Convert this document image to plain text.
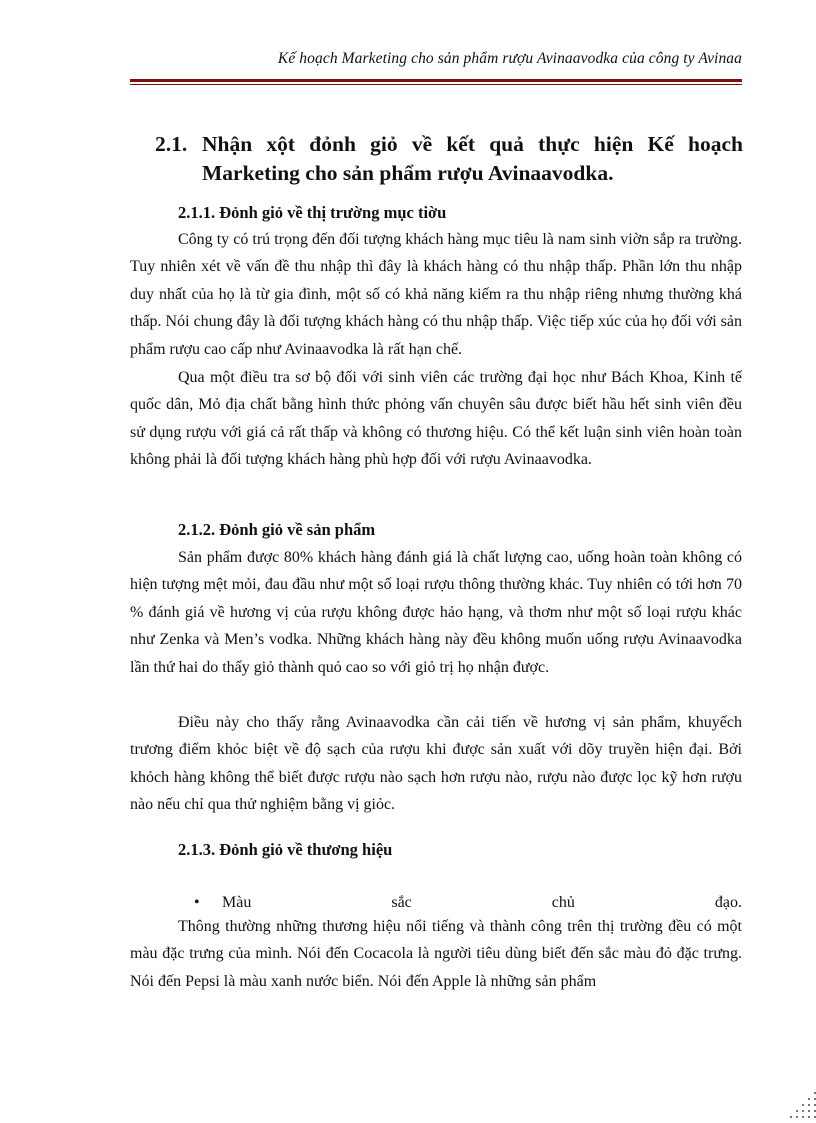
Kế hoạch Marketing cho sản phẩm rượu Avinaavodka của công ty Avinaa
2.1. Nhận xột đỏnh giỏ về kết quả thực hiện Kế hoạch
Marketing cho sản phẩm rượu Avinaavodka.
2.1.1. Đỏnh giỏ về thị trường mục tiờu
Công ty có trú trọng đến đối tượng khách hàng mục tiêu là nam sinh viờn sắp ra trường. Tuy nhiên xét về vấn đề thu nhập thì đây là khách hàng có thu nhập thấp. Phần lớn thu nhập duy nhất của họ là từ gia đình, một số có khả năng kiếm ra thu nhập riêng nhưng thường khá thấp. Nói chung đây là đối tượng khách hàng có thu nhập thấp. Việc tiếp xúc của họ đối với sản phẩm rượu cao cấp như Avinaavodka là rất hạn chế.
Qua một điều tra sơ bộ đối với sinh viên các trường đại học như Bách Khoa, Kinh tế quốc dân, Mỏ địa chất bằng hình thức phỏng vấn chuyên sâu được biết hầu hết sinh viên đều sử dụng rượu với giá cả rất thấp và không có thương hiệu. Có thể kết luận sinh viên hoàn toàn không phải là đối tượng khách hàng phù hợp đối với rượu Avinaavodka.
2.1.2. Đỏnh giỏ về sản phẩm
Sản phẩm được 80% khách hàng đánh giá là chất lượng cao, uống hoàn toàn không có hiện tượng mệt mỏi, đau đầu như một số loại rượu thông thường khác. Tuy nhiên có tới hơn 70 % đánh giá về hương vị của rượu không được hảo hạng, và thơm như một số loại rượu khác như Zenka và Men’s vodka. Những khách hàng này đều không muốn uống rượu Avinaavodka lần thứ hai do thấy giỏ thành quỏ cao so với giỏ trị họ nhận được.
Điều này cho thấy rằng Avinaavodka cần cải tiến về hương vị sản phẩm, khuyếch trương điểm khỏc biệt về độ sạch của rượu khi được sản xuất với dõy truyền hiện đại. Bởi khỏch hàng không thể biết được rượu nào sạch hơn rượu nào, rượu nào được lọc kỹ hơn rượu nào nếu chỉ qua thử nghiệm bằng vị giỏc.
2.1.3. Đỏnh giỏ về thương hiệu
• Màu sắc chủ đạo.
Thông thường những thương hiệu nổi tiếng và thành công trên thị trường đều có một màu đặc trưng của mình. Nói đến Cocacola là người tiêu dùng biết đến sắc màu đỏ đặc trưng. Nói đến Pepsi là màu xanh nước biển. Nói đến Apple là những sản phẩm
